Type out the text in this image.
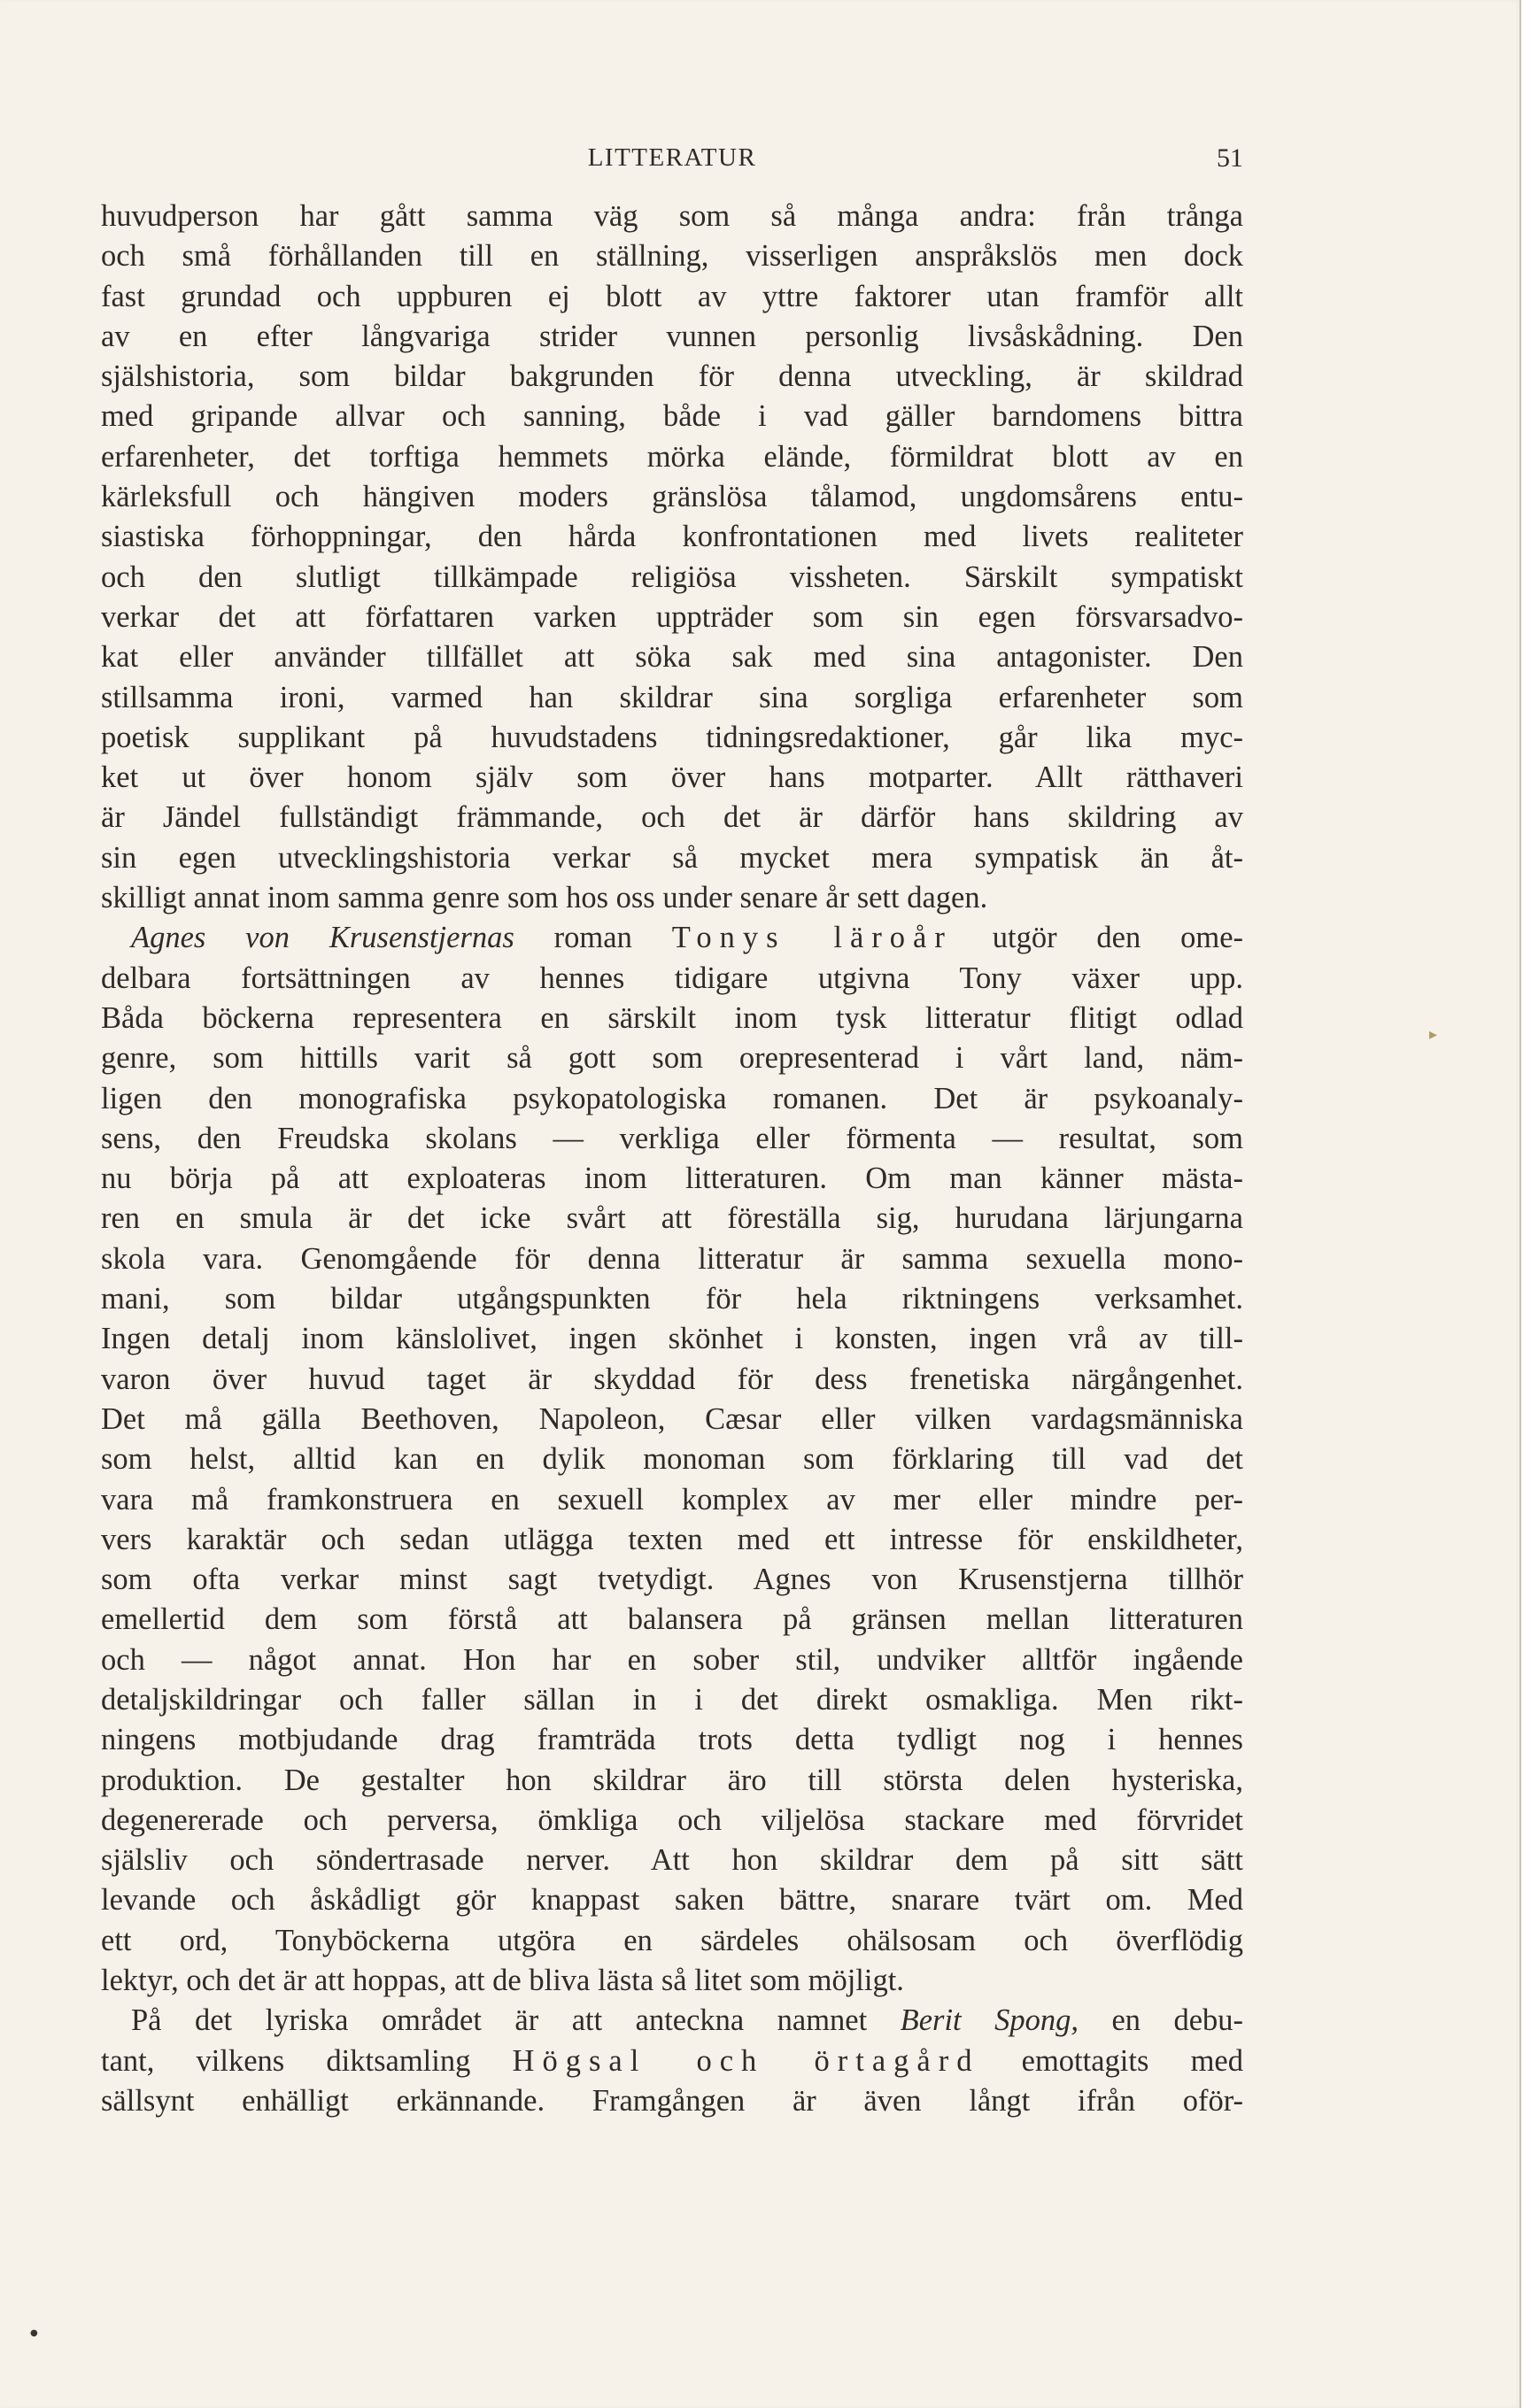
LITTERATUR	51
huvudperson har gått samma väg som så många andra: från trånga
och små förhållanden till en ställning, visserligen anspråkslös men dock
fast grundad och uppburen ej blott av yttre faktorer utan framför allt
av en efter långvariga strider vunnen personlig livsåskådning. Den
själshistoria, som bildar bakgrunden för denna utveckling, är skildrad
med gripande allvar och sanning, både i vad gäller barndomens bittra
erfarenheter, det torftiga hemmets mörka elände, förmildrat blott av en
kärleksfull och hängiven moders gränslösa tålamod, ungdomsårens entu-
siastiska förhoppningar, den hårda konfrontationen med livets realiteter
och den slutligt tillkämpade religiösa vissheten. Särskilt sympatiskt
verkar det att författaren varken uppträder som sin egen försvarsadvo-
kat eller använder tillfället att söka sak med sina antagonister. Den
stillsamma ironi, varmed han skildrar sina sorgliga erfarenheter som
poetisk supplikant på huvudstadens tidningsredaktioner, går lika myc-
ket ut över honom själv som över hans motparter. Allt rätthaveri
är Jändel fullständigt främmande, och det är därför hans skildring av
sin egen utvecklingshistoria verkar så mycket mera sympatisk än åt-
skilligt annat inom samma genre som hos oss under senare år sett dagen.
Agnes von Krusenstjernas roman Tonys läroår utgör den ome-
delbara fortsättningen av hennes tidigare utgivna Tony växer upp.
Båda böckerna representera en särskilt inom tysk litteratur flitigt odlad
genre, som hittills varit så gott som orepresenterad i vårt land, näm-
ligen den monografiska psykopatologiska romanen. Det är psykoanaly-
sens, den Freudska skolans — verkliga eller förmenta — resultat, som
nu börja på att exploateras inom litteraturen. Om man känner mästa-
ren en smula är det icke svårt att föreställa sig, hurudana lärjungarna
skola vara. Genomgående för denna litteratur är samma sexuella mono-
mani, som bildar utgångspunkten för hela riktningens verksamhet.
Ingen detalj inom känslolivet, ingen skönhet i konsten, ingen vrå av till-
varon över huvud taget är skyddad för dess frenetiska närgångenhet.
Det må gälla Beethoven, Napoleon, Cæsar eller vilken vardagsmänniska
som helst, alltid kan en dylik monoman som förklaring till vad det
vara må framkonstruera en sexuell komplex av mer eller mindre per-
vers karaktär och sedan utlägga texten med ett intresse för enskildheter,
som ofta verkar minst sagt tvetydigt. Agnes von Krusenstjerna tillhör
emellertid dem som förstå att balansera på gränsen mellan litteraturen
och — något annat. Hon har en sober stil, undviker alltför ingående
detaljskildringar och faller sällan in i det direkt osmakliga. Men rikt-
ningens motbjudande drag framträda trots detta tydligt nog i hennes
produktion. De gestalter hon skildrar äro till största delen hysteriska,
degenererade och perversa, ömkliga och viljelösa stackare med förvridet
själsliv och söndertrasade nerver. Att hon skildrar dem på sitt sätt
levande och åskådligt gör knappast saken bättre, snarare tvärt om. Med
ett ord, Tonyböckerna utgöra en särdeles ohälsosam och överflödig
lektyr, och det är att hoppas, att de bliva lästa så litet som möjligt.
På det lyriska området är att anteckna namnet Berit Spong, en debu-
tant, vilkens diktsamling Högsal och örtagård emottagits med
sällsynt enhälligt erkännande. Framgången är även långt ifrån oför-
▸
●
